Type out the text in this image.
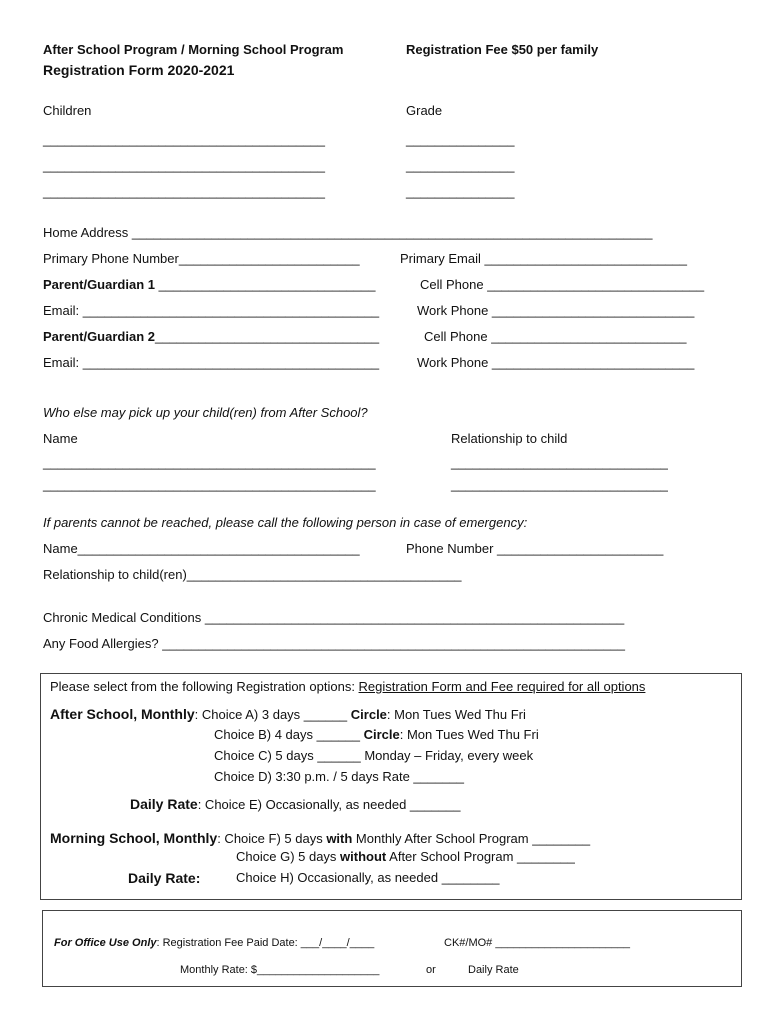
After School Program / Morning School Program
Registration Form 2020-2021
Registration Fee $50 per family
Children	Grade
_______________________________________	_______________
_______________________________________	_______________
_______________________________________	_______________
Home Address ________________________________________________________________________
Primary Phone Number_________________________	Primary Email ____________________________
Parent/Guardian 1 ______________________________	Cell Phone ______________________________
Email: _________________________________________	Work Phone ____________________________
Parent/Guardian 2_______________________________	Cell Phone ___________________________
Email: _________________________________________	Work Phone ____________________________
Who else may pick up your child(ren) from After School?
Name	Relationship to child
______________________________________________	______________________________
______________________________________________	______________________________
If parents cannot be reached, please call the following person in case of emergency:
Name_______________________________________	Phone Number _______________________
Relationship to child(ren)______________________________________
Chronic Medical Conditions __________________________________________________________
Any Food Allergies? ________________________________________________________________
Please select from the following Registration options: Registration Form and Fee required for all options
After School, Monthly: Choice A) 3 days ______ Circle: Mon Tues Wed Thu Fri
Choice B) 4 days ______ Circle: Mon Tues Wed Thu Fri
Choice C) 5 days ______ Monday – Friday, every week
Choice D) 3:30 p.m. / 5 days Rate _______
Daily Rate: Choice E) Occasionally, as needed _______
Morning School, Monthly: Choice F) 5 days with Monthly After School Program ________
Choice G) 5 days without After School Program ________
Daily Rate:	Choice H) Occasionally, as needed ________
For Office Use Only: Registration Fee Paid Date: ___/____/____	CK#/MO# ______________________
Monthly Rate: $____________________	or	Daily Rate
